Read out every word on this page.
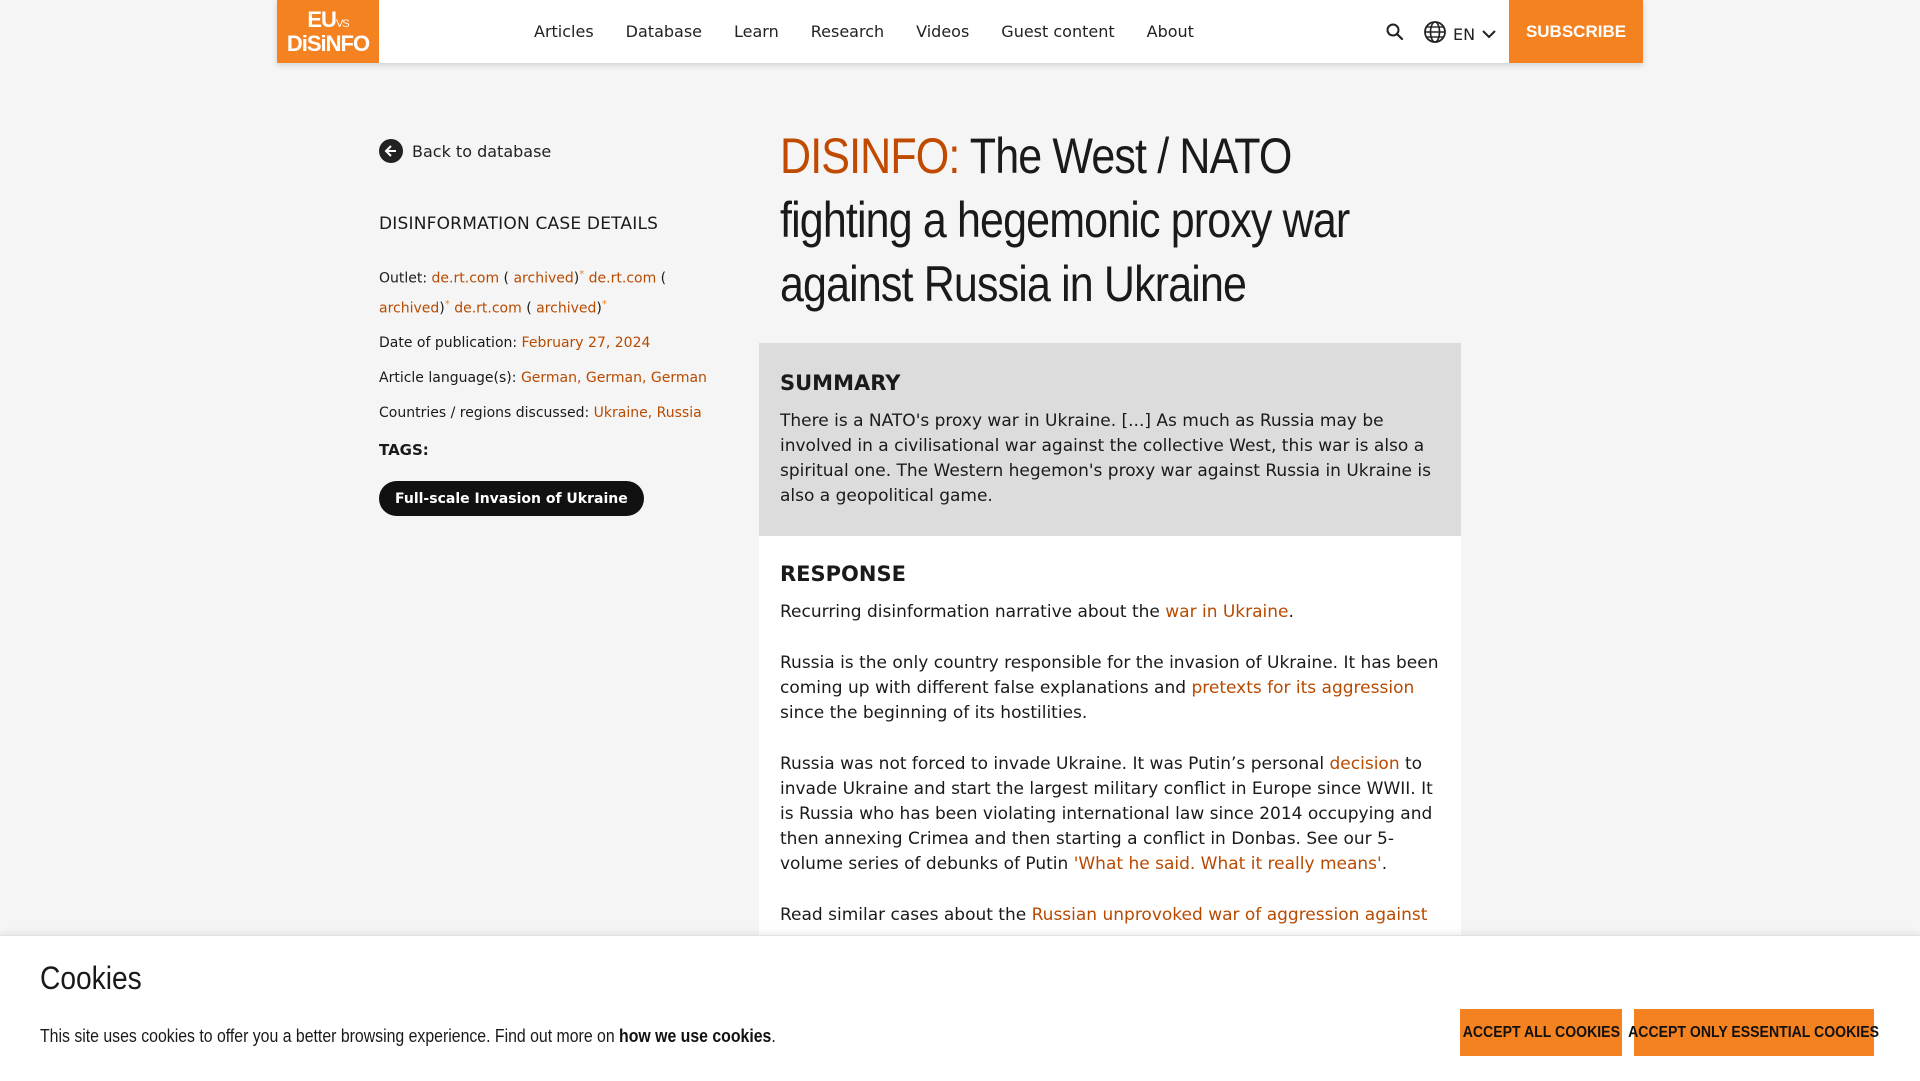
EUVS
DiSiNFO	Articles Database Learn Research Videos Guest content About	EN	SUBSCRIBE
Back to database
DISINFORMATION CASE DETAILS
Outlet: de.rt.com ( archived)* de.rt.com ( archived)* de.rt.com ( archived)*
Date of publication: February 27, 2024
Article language(s): German, German, German
Countries / regions discussed: Ukraine, Russia
TAGS:
Full-scale Invasion of Ukraine
DISINFO: The West / NATO fighting a hegemonic proxy war against Russia in Ukraine
SUMMARY

There is a NATO's proxy war in Ukraine. [...] As much as Russia may be involved in a civilisational war against the collective West, this war is also a spiritual one. The Western hegemon's proxy war against Russia in Ukraine is also a geopolitical game.

RESPONSE

Recurring disinformation narrative about the war in Ukraine.

Russia is the only country responsible for the invasion of Ukraine. It has been coming up with different false explanations and pretexts for its aggression since the beginning of its hostilities.

Russia was not forced to invade Ukraine. It was Putin’s personal decision to invade Ukraine and start the largest military conflict in Europe since WWII. It is Russia who has been violating international law since 2014 occupying and then annexing Crimea and then starting a conflict in Donbas. See our 5-volume series of debunks of Putin 'What he said. What it really means'.

Read similar cases about the Russian unprovoked war of aggression against

Cookies
This site uses cookies to offer you a better browsing experience. Find out more on how we use cookies.	ACCEPT ALL COOKIES ACCEPT ONLY ESSENTIAL COOKIES
